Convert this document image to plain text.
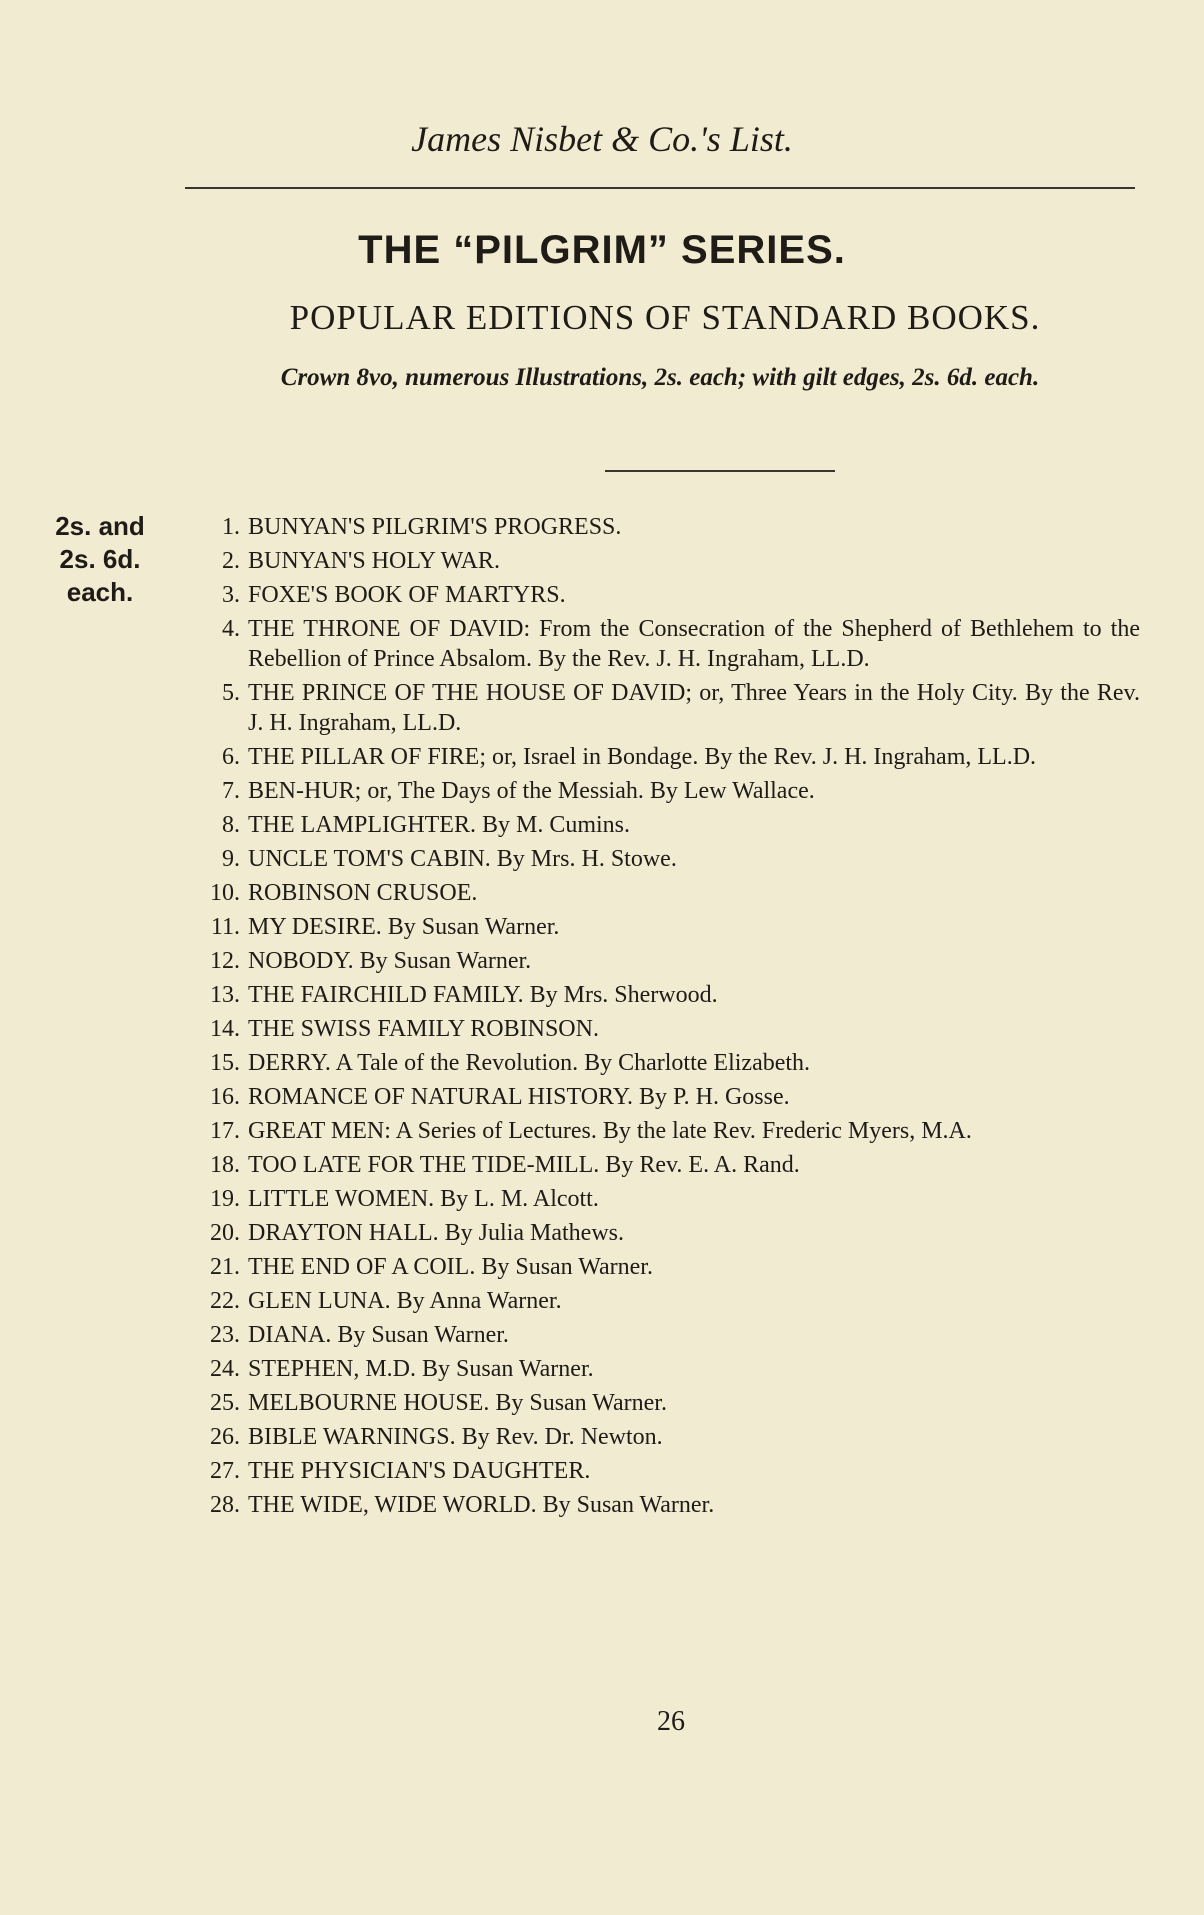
James Nisbet & Co.'s List.
THE “PILGRIM” SERIES.
POPULAR EDITIONS OF STANDARD BOOKS.
Crown 8vo, numerous Illustrations, 2s. each; with gilt edges, 2s. 6d. each.
2s. and
2s. 6d.
each.
1. BUNYAN'S PILGRIM'S PROGRESS.
2. BUNYAN'S HOLY WAR.
3. FOXE'S BOOK OF MARTYRS.
4. THE THRONE OF DAVID: From the Consecration of the Shepherd of Bethlehem to the Rebellion of Prince Absalom. By the Rev. J. H. Ingraham, LL.D.
5. THE PRINCE OF THE HOUSE OF DAVID; or, Three Years in the Holy City. By the Rev. J. H. Ingraham, LL.D.
6. THE PILLAR OF FIRE; or, Israel in Bondage. By the Rev. J. H. Ingraham, LL.D.
7. BEN-HUR; or, The Days of the Messiah. By Lew Wallace.
8. THE LAMPLIGHTER. By M. Cumins.
9. UNCLE TOM'S CABIN. By Mrs. H. Stowe.
10. ROBINSON CRUSOE.
11. MY DESIRE. By Susan Warner.
12. NOBODY. By Susan Warner.
13. THE FAIRCHILD FAMILY. By Mrs. Sherwood.
14. THE SWISS FAMILY ROBINSON.
15. DERRY. A Tale of the Revolution. By Charlotte Elizabeth.
16. ROMANCE OF NATURAL HISTORY. By P. H. Gosse.
17. GREAT MEN: A Series of Lectures. By the late Rev. Frederic Myers, M.A.
18. TOO LATE FOR THE TIDE-MILL. By Rev. E. A. Rand.
19. LITTLE WOMEN. By L. M. Alcott.
20. DRAYTON HALL. By Julia Mathews.
21. THE END OF A COIL. By Susan Warner.
22. GLEN LUNA. By Anna Warner.
23. DIANA. By Susan Warner.
24. STEPHEN, M.D. By Susan Warner.
25. MELBOURNE HOUSE. By Susan Warner.
26. BIBLE WARNINGS. By Rev. Dr. Newton.
27. THE PHYSICIAN'S DAUGHTER.
28. THE WIDE, WIDE WORLD. By Susan Warner.
26
